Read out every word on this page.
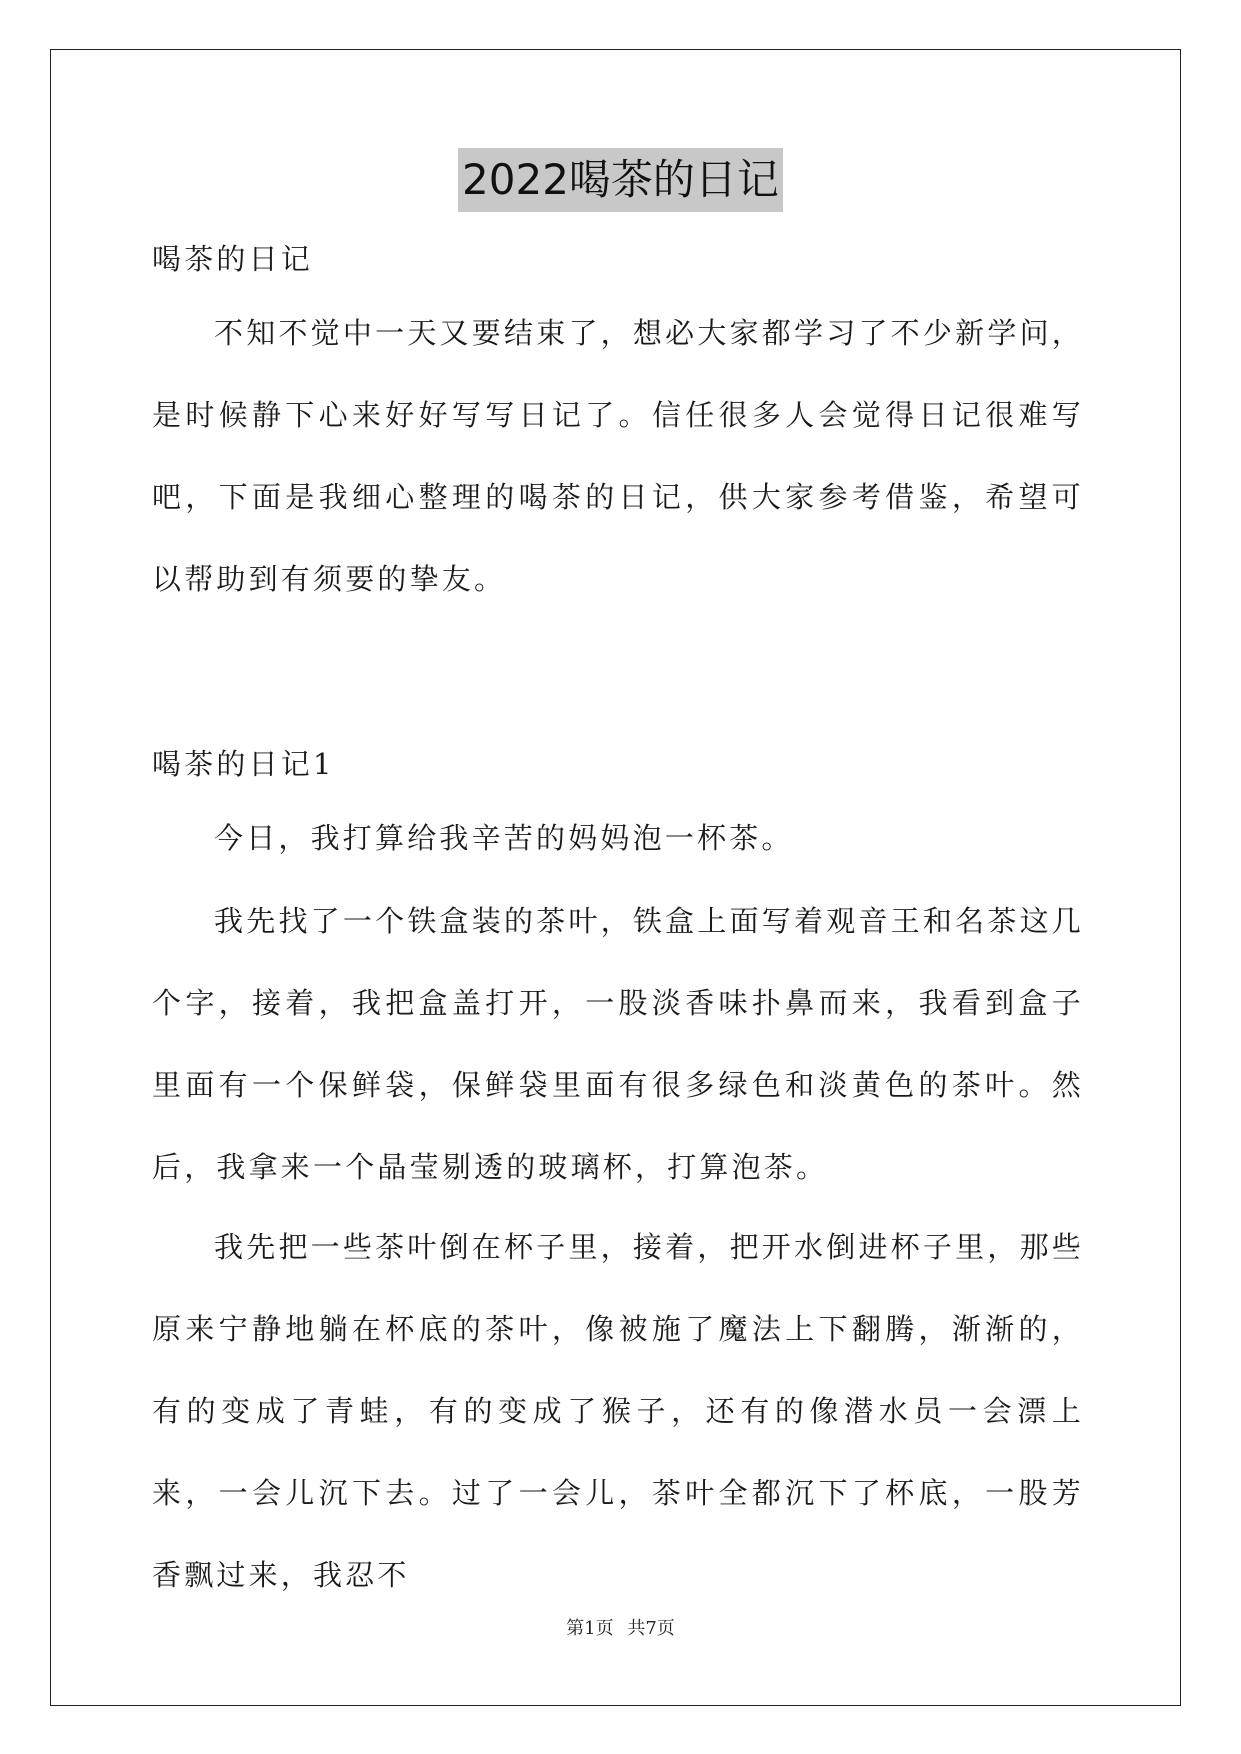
2022喝茶的日记

喝茶的日记

不知不觉中一天又要结束了，想必大家都学习了不少新学问，是时候静下心来好好写写日记了。信任很多人会觉得日记很难写吧，下面是我细心整理的喝茶的日记，供大家参考借鉴，希望可以帮助到有须要的挚友。

喝茶的日记1

今日，我打算给我辛苦的妈妈泡一杯茶。

我先找了一个铁盒装的茶叶，铁盒上面写着观音王和名茶这几个字，接着，我把盒盖打开，一股淡香味扑鼻而来，我看到盒子里面有一个保鲜袋，保鲜袋里面有很多绿色和淡黄色的茶叶。然后，我拿来一个晶莹剔透的玻璃杯，打算泡茶。

我先把一些茶叶倒在杯子里，接着，把开水倒进杯子里，那些原来宁静地躺在杯底的茶叶，像被施了魔法上下翻腾，渐渐的，有的变成了青蛙，有的变成了猴子，还有的像潜水员一会漂上来，一会儿沉下去。过了一会儿，茶叶全都沉下了杯底，一股芳香飘过来，我忍不

第1页 共7页
